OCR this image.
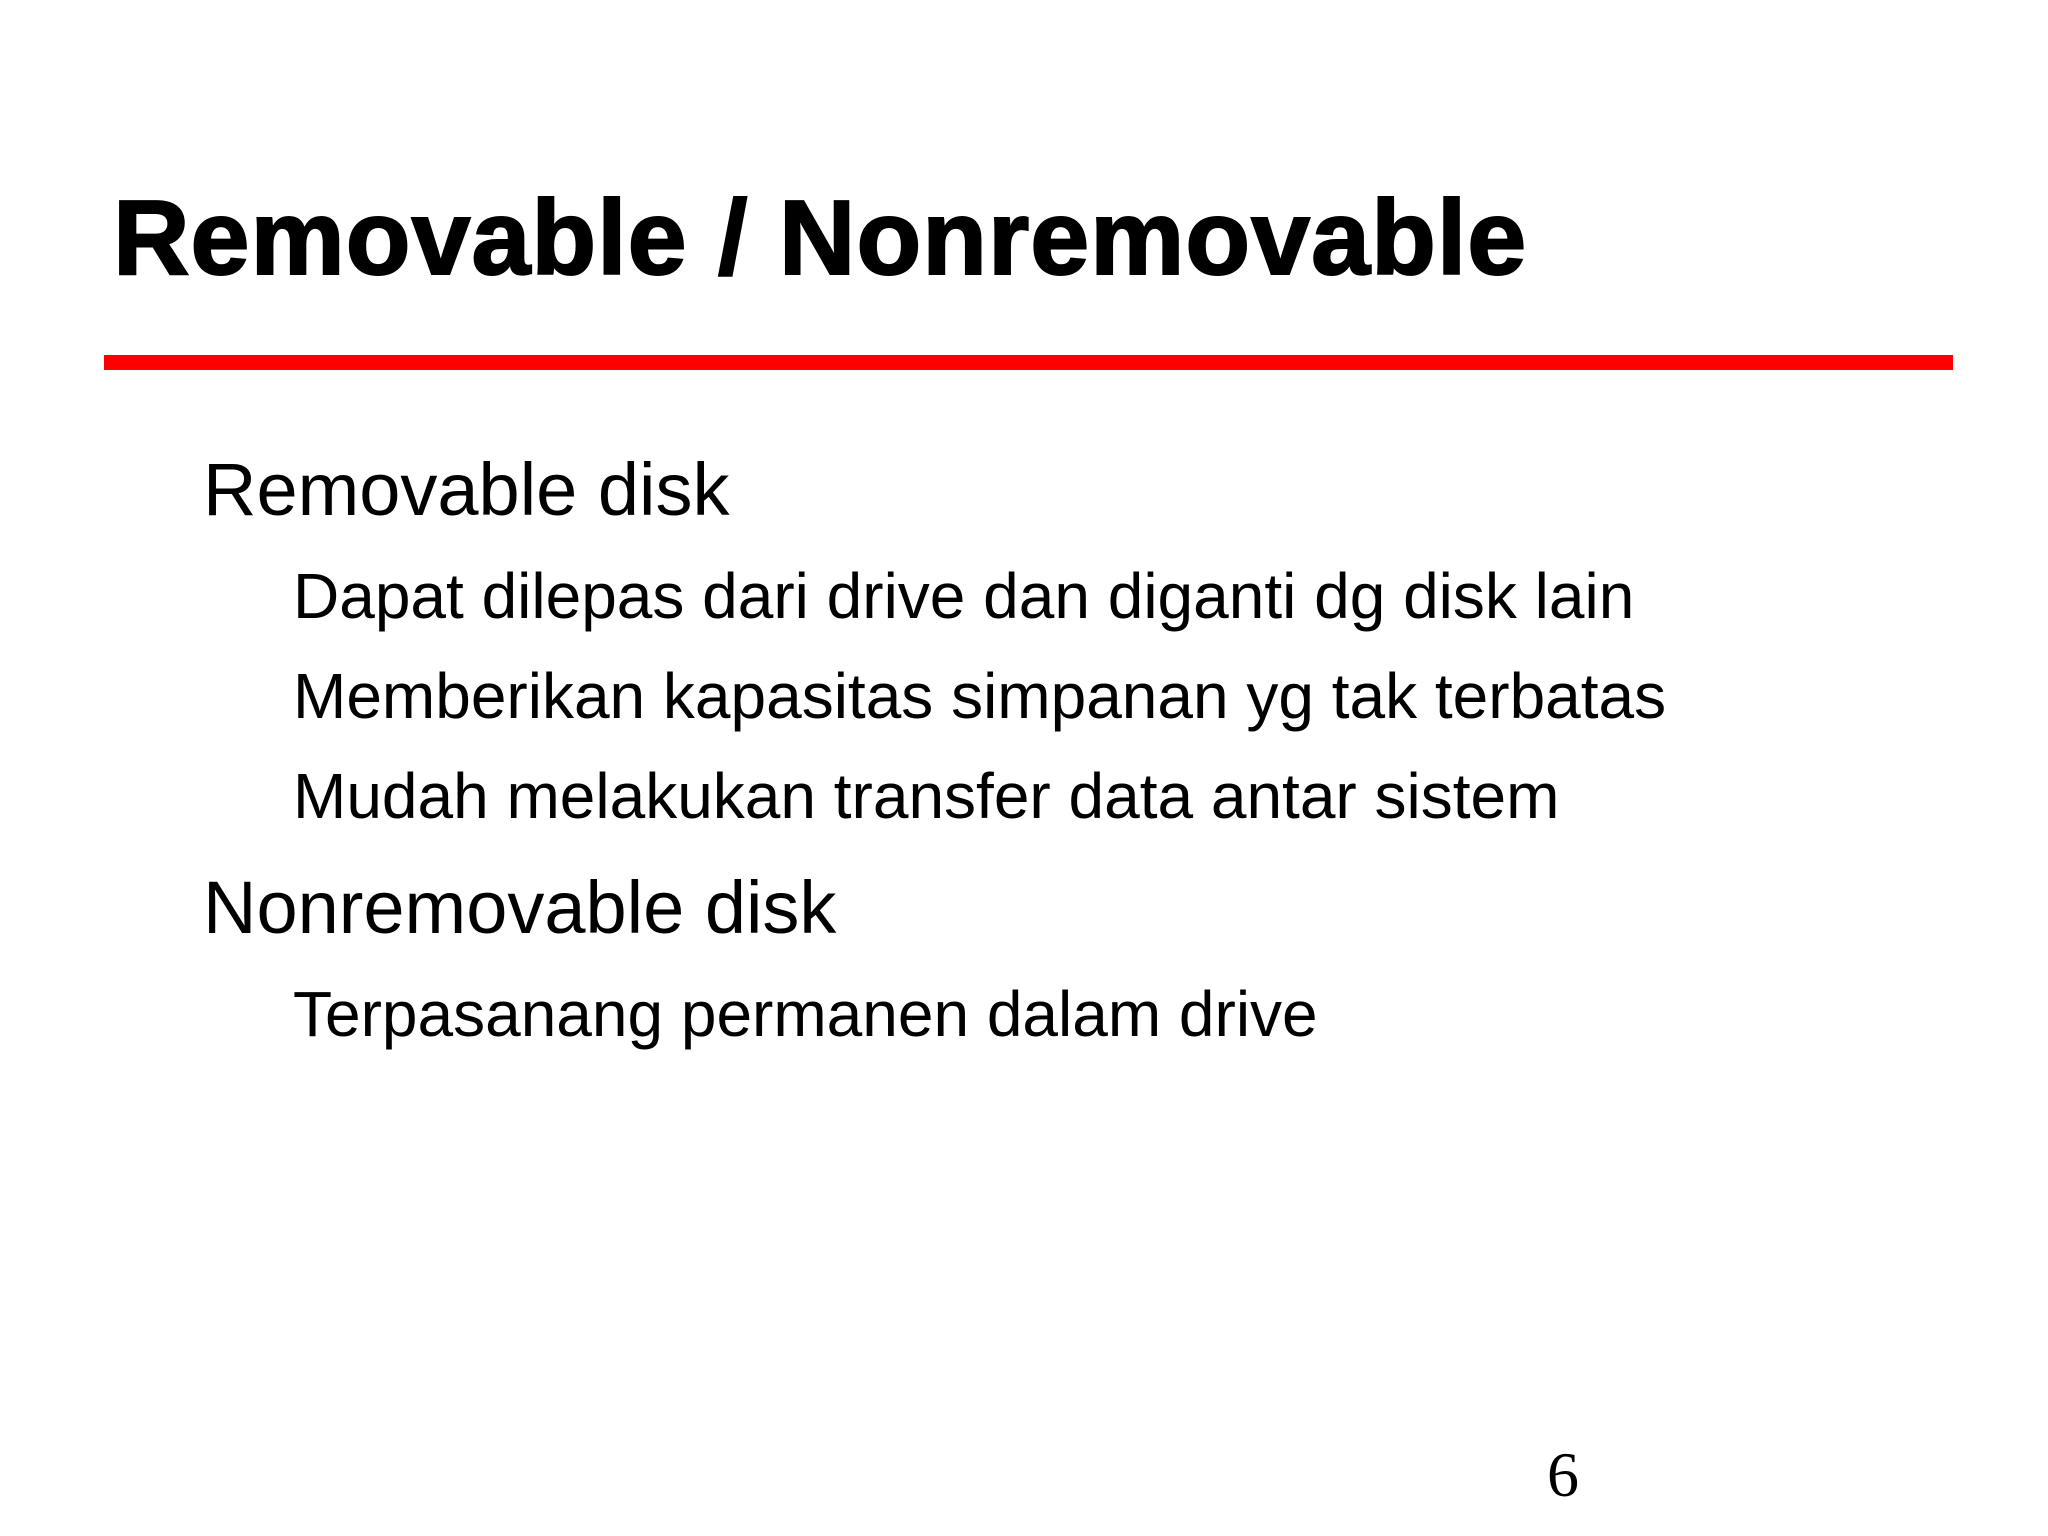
Removable / Nonremovable
Removable disk
Dapat dilepas dari drive dan diganti dg disk lain
Memberikan kapasitas simpanan yg tak terbatas
Mudah melakukan transfer data antar sistem
Nonremovable disk
Terpasanang permanen dalam drive
6
